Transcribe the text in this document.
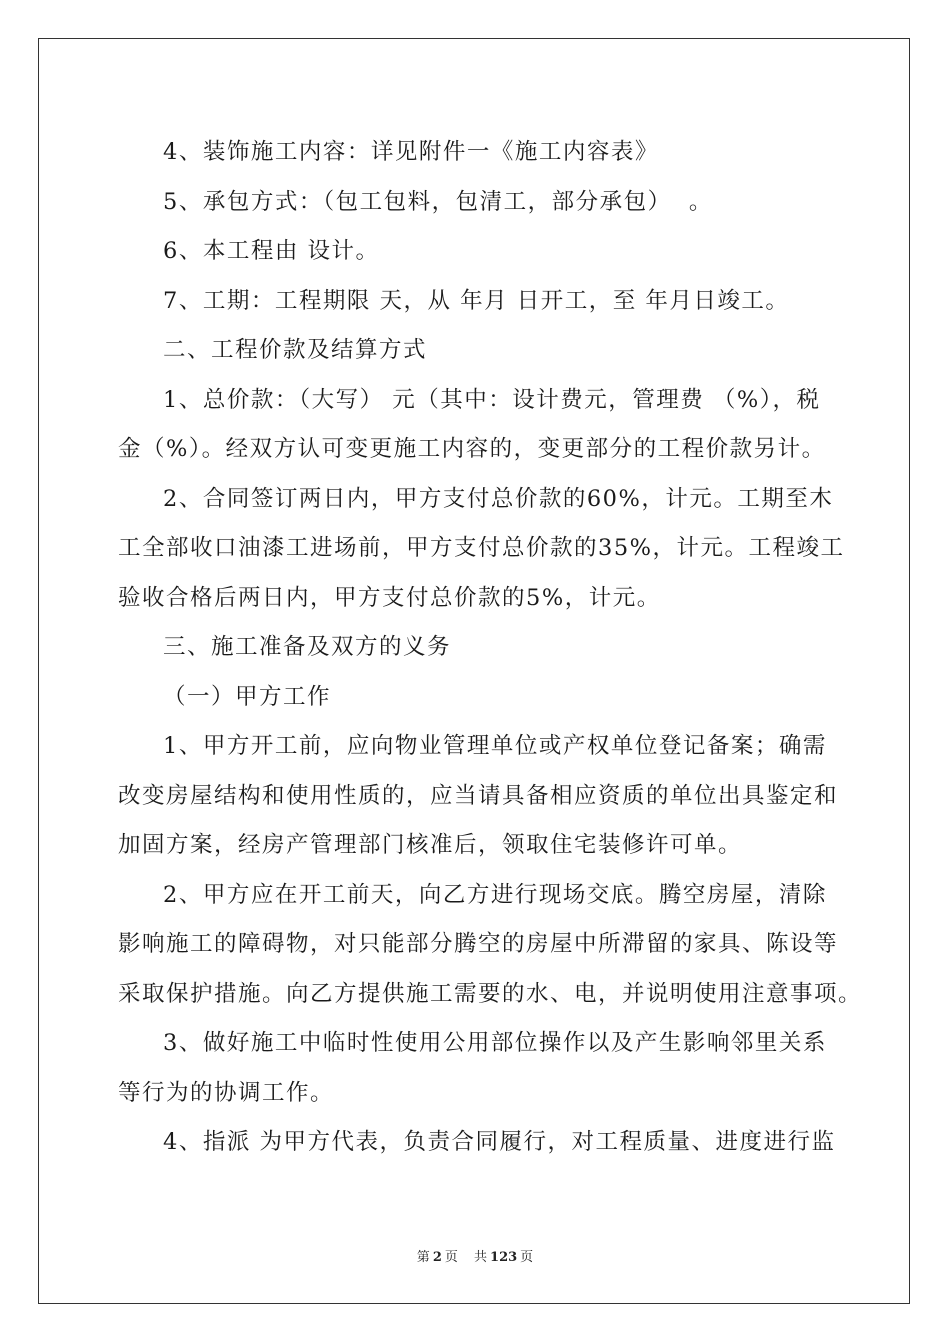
4、装饰施工内容：详见附件一《施工内容表》
5、承包方式：（包工包料，包清工，部分承包）  。
6、本工程由 设计。
7、工期：工程期限 天，从 年月 日开工，至 年月日竣工。
二、工程价款及结算方式
1、总价款：（大写） 元（其中：设计费元，管理费 （%），税
金（%）。经双方认可变更施工内容的，变更部分的工程价款另计。
2、合同签订两日内，甲方支付总价款的60%，计元。工期至木
工全部收口油漆工进场前，甲方支付总价款的35%，计元。工程竣工
验收合格后两日内，甲方支付总价款的5%，计元。
三、施工准备及双方的义务
（一）甲方工作
1、甲方开工前，应向物业管理单位或产权单位登记备案；确需
改变房屋结构和使用性质的，应当请具备相应资质的单位出具鉴定和
加固方案，经房产管理部门核准后，领取住宅装修许可单。
2、甲方应在开工前天，向乙方进行现场交底。腾空房屋，清除
影响施工的障碍物，对只能部分腾空的房屋中所滞留的家具、陈设等
采取保护措施。向乙方提供施工需要的水、电，并说明使用注意事项。
3、做好施工中临时性使用公用部位操作以及产生影响邻里关系
等行为的协调工作。
4、指派 为甲方代表，负责合同履行，对工程质量、进度进行监
第 2 页 共 123 页
